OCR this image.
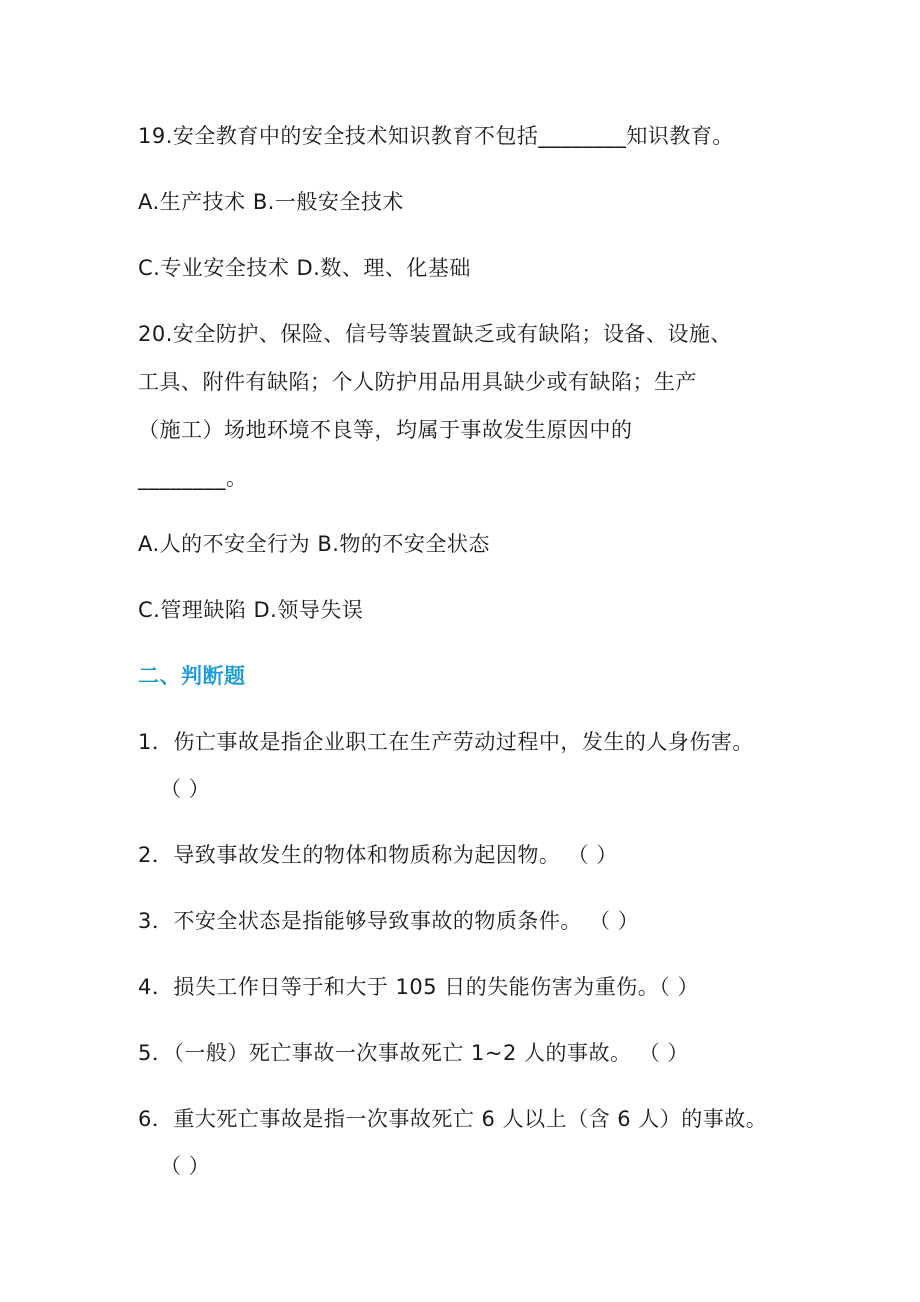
19.安全教育中的安全技术知识教育不包括________知识教育。
A.生产技术 B.一般安全技术
C.专业安全技术 D.数、理、化基础
20.安全防护、保险、信号等装置缺乏或有缺陷；设备、设施、
工具、附件有缺陷；个人防护用品用具缺少或有缺陷；生产
（施工）场地环境不良等，均属于事故发生原因中的
________。
A.人的不安全行为 B.物的不安全状态
C.管理缺陷 D.领导失误
二、判断题
1．伤亡事故是指企业职工在生产劳动过程中，发生的人身伤害。
（ ）
2．导致事故发生的物体和物质称为起因物。 （ ）
3．不安全状态是指能够导致事故的物质条件。 （ ）
4．损失工作日等于和大于 105 日的失能伤害为重伤。（ ）
5．（一般）死亡事故一次事故死亡 1~2 人的事故。 （ ）
6．重大死亡事故是指一次事故死亡 6 人以上（含 6 人）的事故。
（ ）
